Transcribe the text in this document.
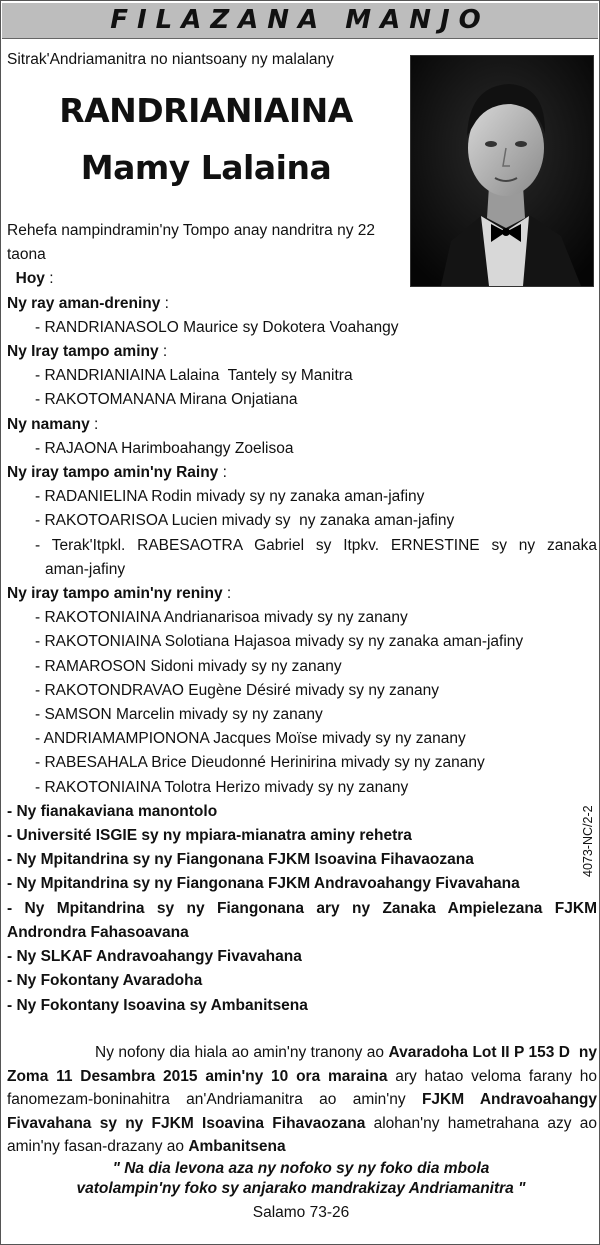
FILAZANA MANJO
Sitrak'Andriamanitra no niantsoany ny malalany
RANDRIANIAINA
Mamy Lalaina
Rehefa nampindramin'ny Tompo anay nandritra ny 22
taona
Hoy :
Ny ray aman-dreniny :
- RANDRIANASOLO Maurice sy Dokotera Voahangy
Ny Iray tampo aminy :
- RANDRIANIAINA Lalaina  Tantely sy Manitra
- RAKOTOMANANA Mirana Onjatiana
Ny namany :
- RAJAONA Harimboahangy Zoelisoa
Ny iray tampo amin'ny Rainy :
- RADANIELINA Rodin mivady sy ny zanaka aman-jafiny
- RAKOTOARISOA Lucien mivady sy  ny zanaka aman-jafiny
- Terak'Itpkl. RABESAOTRA Gabriel sy Itpkv. ERNESTINE sy ny zanaka
aman-jafiny
Ny iray tampo amin'ny reniny :
- RAKOTONIAINA Andrianarisoa mivady sy ny zanany
- RAKOTONIAINA Solotiana Hajasoa mivady sy ny zanaka aman-jafiny
- RAMAROSON Sidoni mivady sy ny zanany
- RAKOTONDRAVAO Eugène Désiré mivady sy ny zanany
- SAMSON Marcelin mivady sy ny zanany
- ANDRIAMAMPIONONA Jacques Moïse mivady sy ny zanany
- RABESAHALA Brice Dieudonné Herinirina mivady sy ny zanany
- RAKOTONIAINA Tolotra Herizo mivady sy ny zanany
- Ny fianakaviana manontolo
- Université ISGIE sy ny mpiara-mianatra aminy rehetra
- Ny Mpitandrina sy ny Fiangonana FJKM Isoavina Fihavaozana
- Ny Mpitandrina sy ny Fiangonana FJKM Andravoahangy Fivavahana
- Ny Mpitandrina sy ny Fiangonana ary ny Zanaka Ampielezana FJKM
Androndra Fahasoavana
- Ny SLKAF Andravoahangy Fivavahana
- Ny Fokontany Avaradoha
- Ny Fokontany Isoavina sy Ambanitsena
4073-NC/2-2

Ny nofony dia hiala ao amin'ny tranony ao Avaradoha Lot II P 153 D ny Zoma 11 Desambra 2015 amin'ny 10 ora maraina ary hatao veloma farany ho fanomezam-boninahitra an'Andriamanitra ao amin'ny FJKM Andravoahangy Fivavahana sy ny FJKM Isoavina Fihavaozana alohan'ny hametrahana azy ao amin'ny fasan-drazany ao Ambanitsena

" Na dia levona aza ny nofoko sy ny foko dia mbola
vatolampin'ny foko sy anjarako mandrakizay Andriamanitra "
Salamo 73-26
